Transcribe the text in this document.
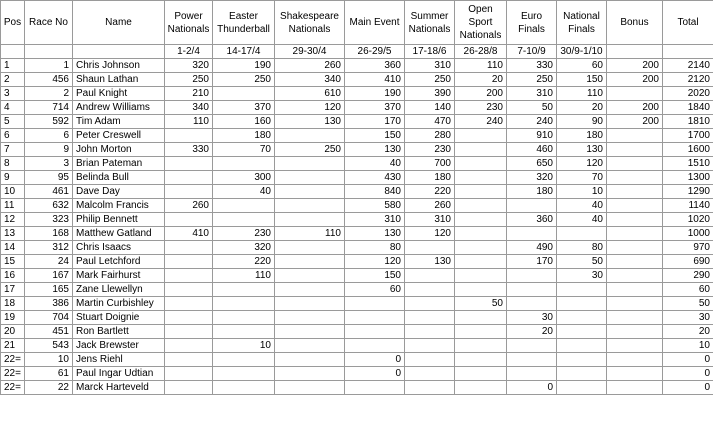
Pos	Race No	Name	Power Nationals	Easter Thunderball	Shakespeare Nationals	Main Event	Summer Nationals	Open Sport Nationals	Euro Finals	National Finals	Bonus	Total
			1-2/4	14-17/4	29-30/4	26-29/5	17-18/6	26-28/8	7-10/9	30/9-1/10		
1	1	Chris Johnson	320	190	260	360	310	110	330	60	200	2140
2	456	Shaun Lathan	250	250	340	410	250	20	250	150	200	2120
3	2	Paul Knight	210		610	190	390	200	310	110		2020
4	714	Andrew Williams	340	370	120	370	140	230	50	20	200	1840
5	592	Tim Adam	110	160	130	170	470	240	240	90	200	1810
6	6	Peter Creswell		180		150	280		910	180		1700
7	9	John Morton	330	70	250	130	230		460	130		1600
8	3	Brian Pateman				40	700		650	120		1510
9	95	Belinda Bull		300		430	180		320	70		1300
10	461	Dave Day		40		840	220		180	10		1290
11	632	Malcolm Francis	260			580	260			40		1140
12	323	Philip Bennett				310	310		360	40		1020
13	168	Matthew Gatland	410	230	110	130	120					1000
14	312	Chris Isaacs		320		80			490	80		970
15	24	Paul Letchford		220		120	130		170	50		690
16	167	Mark Fairhurst		110		150				30		290
17	165	Zane Llewellyn				60						60
18	386	Martin Curbishley						50				50
19	704	Stuart Doignie							30			30
20	451	Ron Bartlett							20			20
21	543	Jack Brewster		10								10
22=	10	Jens Riehl				0						0
22=	61	Paul Ingar Udtian				0						0
22=	22	Marck Harteveld							0			0
